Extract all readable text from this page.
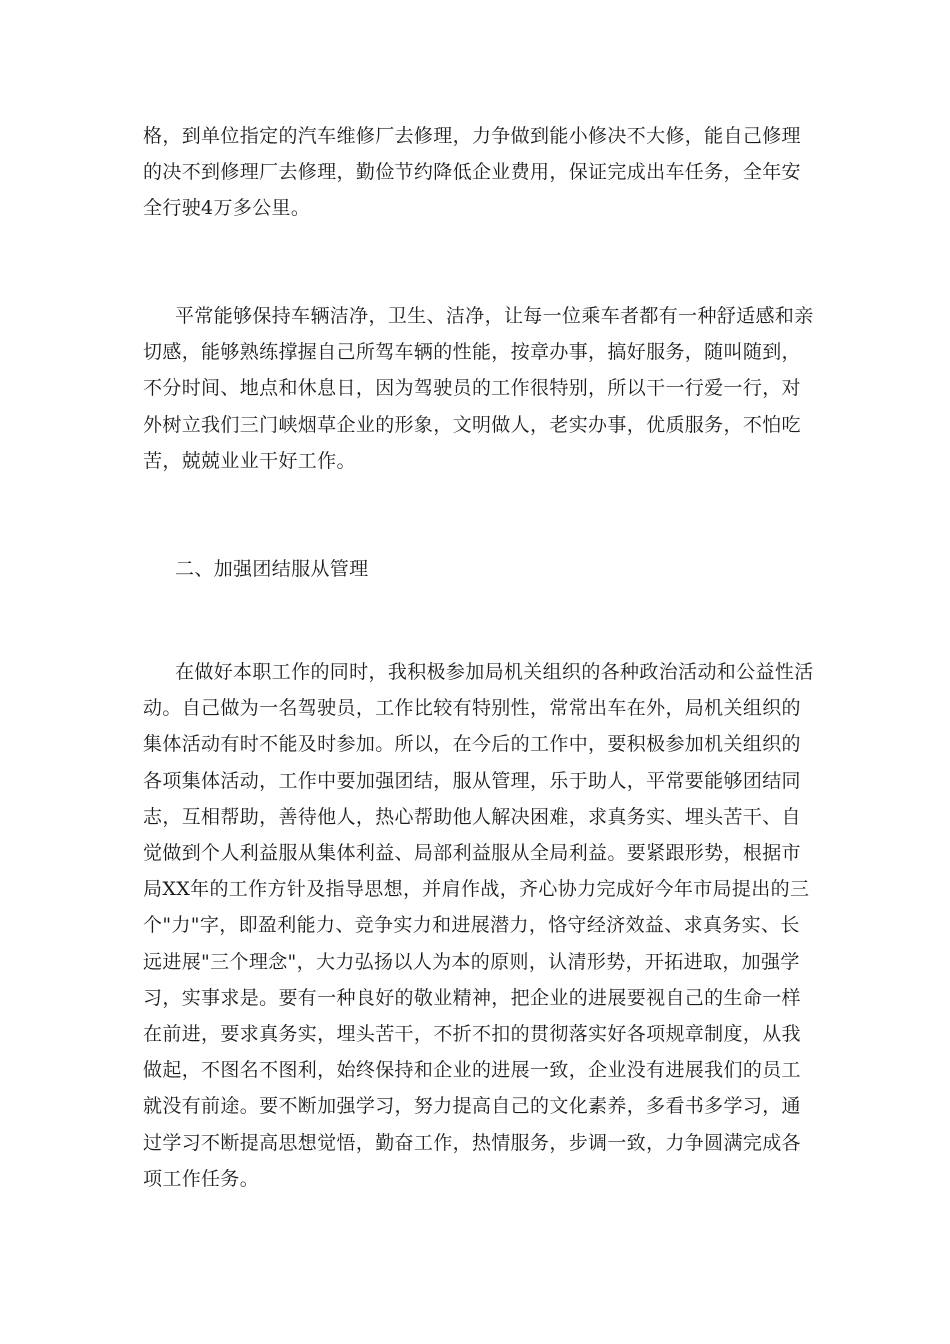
格，到单位指定的汽车维修厂去修理，力争做到能小修决不大修，能自己修理
的决不到修理厂去修理，勤俭节约降低企业费用，保证完成出车任务，全年安
全行驶4万多公里。

平常能够保持车辆洁净，卫生、洁净，让每一位乘车者都有一种舒适感和亲
切感，能够熟练撑握自己所驾车辆的性能，按章办事，搞好服务，随叫随到，
不分时间、地点和休息日，因为驾驶员的工作很特别，所以干一行爱一行，对
外树立我们三门峡烟草企业的形象，文明做人，老实办事，优质服务，不怕吃
苦，兢兢业业干好工作。

二、加强团结服从管理

在做好本职工作的同时，我积极参加局机关组织的各种政治活动和公益性活
动。自己做为一名驾驶员，工作比较有特别性，常常出车在外，局机关组织的
集体活动有时不能及时参加。所以，在今后的工作中，要积极参加机关组织的
各项集体活动，工作中要加强团结，服从管理，乐于助人，平常要能够团结同
志，互相帮助，善待他人，热心帮助他人解决困难，求真务实、埋头苦干、自
觉做到个人利益服从集体利益、局部利益服从全局利益。要紧跟形势，根据市
局XX年的工作方针及指导思想，并肩作战，齐心协力完成好今年市局提出的三
个"力"字，即盈利能力、竞争实力和进展潜力，恪守经济效益、求真务实、长
远进展"三个理念"，大力弘扬以人为本的原则，认清形势，开拓进取，加强学
习，实事求是。要有一种良好的敬业精神，把企业的进展要视自己的生命一样
在前进，要求真务实，埋头苦干，不折不扣的贯彻落实好各项规章制度，从我
做起，不图名不图利，始终保持和企业的进展一致，企业没有进展我们的员工
就没有前途。要不断加强学习，努力提高自己的文化素养，多看书多学习，通
过学习不断提高思想觉悟，勤奋工作，热情服务，步调一致，力争圆满完成各
项工作任务。
